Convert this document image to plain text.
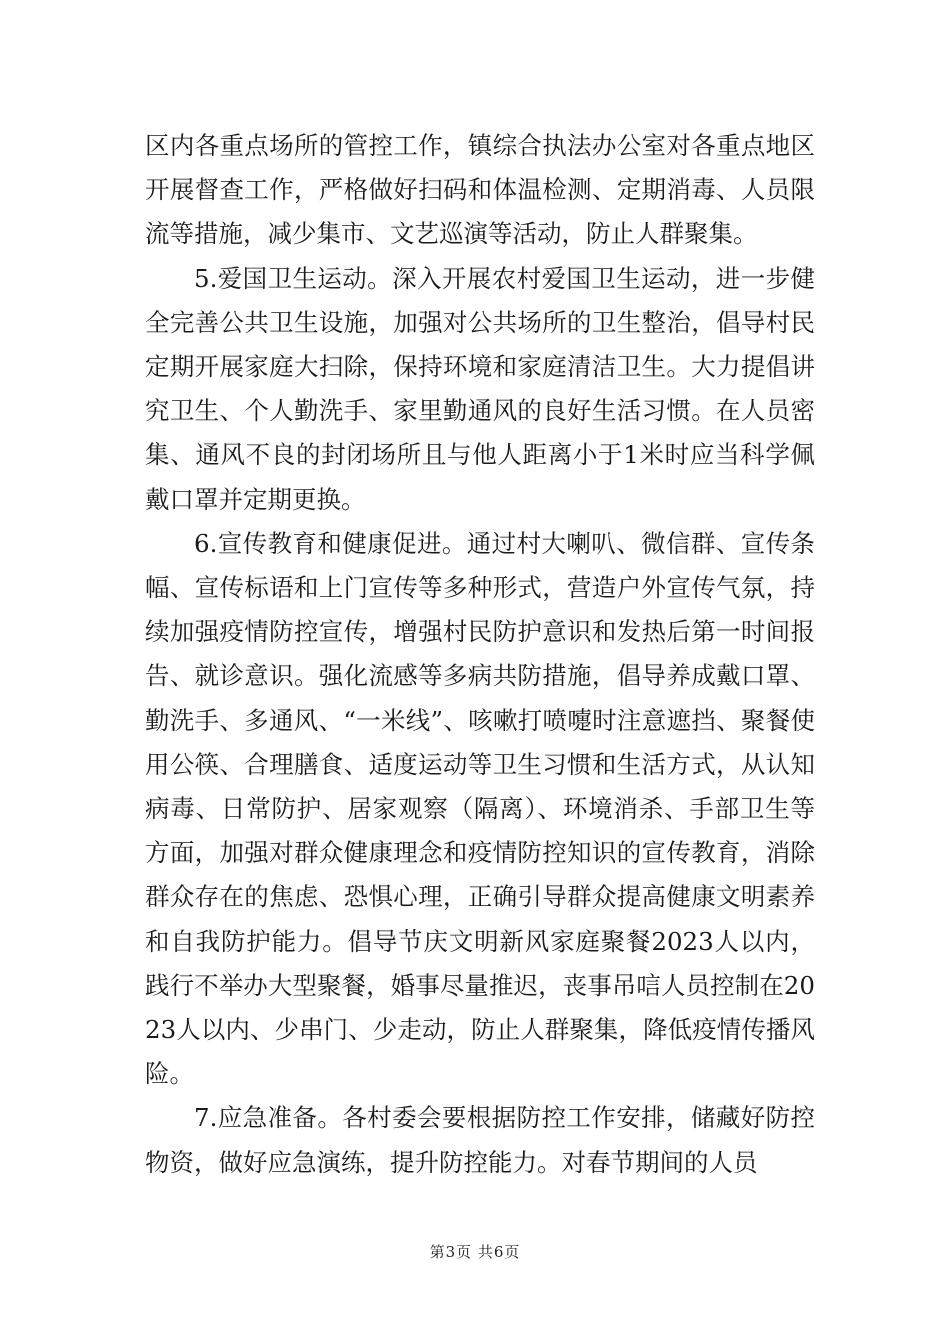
区内各重点场所的管控工作，镇综合执法办公室对各重点地区开展督查工作，严格做好扫码和体温检测、定期消毒、人员限流等措施，减少集市、文艺巡演等活动，防止人群聚集。

5.爱国卫生运动。深入开展农村爱国卫生运动，进一步健全完善公共卫生设施，加强对公共场所的卫生整治，倡导村民定期开展家庭大扫除，保持环境和家庭清洁卫生。大力提倡讲究卫生、个人勤洗手、家里勤通风的良好生活习惯。在人员密集、通风不良的封闭场所且与他人距离小于1米时应当科学佩戴口罩并定期更换。

6.宣传教育和健康促进。通过村大喇叭、微信群、宣传条幅、宣传标语和上门宣传等多种形式，营造户外宣传气氛，持续加强疫情防控宣传，增强村民防护意识和发热后第一时间报告、就诊意识。强化流感等多病共防措施，倡导养成戴口罩、勤洗手、多通风、“一米线”、咳嗽打喷嚏时注意遮挡、聚餐使用公筷、合理膳食、适度运动等卫生习惯和生活方式，从认知病毒、日常防护、居家观察（隔离）、环境消杀、手部卫生等方面，加强对群众健康理念和疫情防控知识的宣传教育，消除群众存在的焦虑、恐惧心理，正确引导群众提高健康文明素养和自我防护能力。倡导节庆文明新风家庭聚餐2023人以内，践行不举办大型聚餐，婚事尽量推迟，丧事吊唁人员控制在2023人以内、少串门、少走动，防止人群聚集，降低疫情传播风险。

7.应急准备。各村委会要根据防控工作安排，储藏好防控物资，做好应急演练，提升防控能力。对春节期间的人员

第3页 共6页
